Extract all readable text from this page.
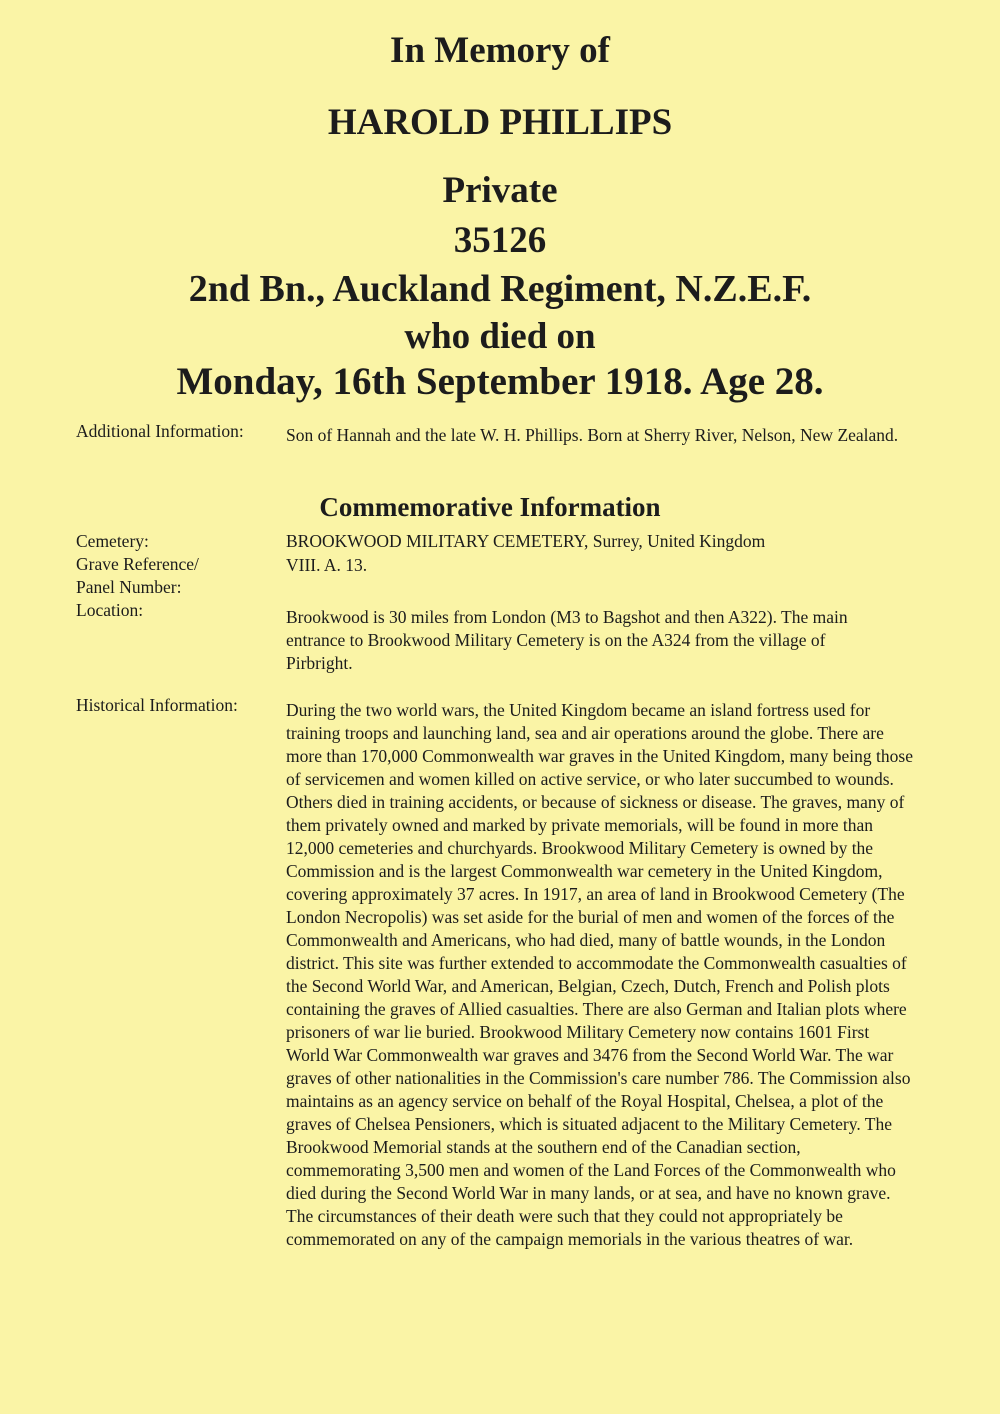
In Memory of
HAROLD PHILLIPS
Private
35126
2nd Bn., Auckland Regiment, N.Z.E.F.
who died on
Monday, 16th September 1918. Age 28.
Additional Information: Son of Hannah and the late W. H. Phillips. Born at Sherry River, Nelson, New Zealand.
Commemorative Information
Cemetery:	BROOKWOOD MILITARY CEMETERY, Surrey, United Kingdom
Grave Reference/
Panel Number:
VIII. A. 13.
Location:	Brookwood is 30 miles from London (M3 to Bagshot and then A322). The main entrance to Brookwood Military Cemetery is on the A324 from the village of Pirbright.
Historical Information:	During the two world wars, the United Kingdom became an island fortress used for training troops and launching land, sea and air operations around the globe. There are more than 170,000 Commonwealth war graves in the United Kingdom, many being those of servicemen and women killed on active service, or who later succumbed to wounds. Others died in training accidents, or because of sickness or disease. The graves, many of them privately owned and marked by private memorials, will be found in more than 12,000 cemeteries and churchyards. Brookwood Military Cemetery is owned by the Commission and is the largest Commonwealth war cemetery in the United Kingdom, covering approximately 37 acres. In 1917, an area of land in Brookwood Cemetery (The London Necropolis) was set aside for the burial of men and women of the forces of the Commonwealth and Americans, who had died, many of battle wounds, in the London district. This site was further extended to accommodate the Commonwealth casualties of the Second World War, and American, Belgian, Czech, Dutch, French and Polish plots containing the graves of Allied casualties. There are also German and Italian plots where prisoners of war lie buried. Brookwood Military Cemetery now contains 1601 First World War Commonwealth war graves and 3476 from the Second World War. The war graves of other nationalities in the Commission's care number 786. The Commission also maintains as an agency service on behalf of the Royal Hospital, Chelsea, a plot of the graves of Chelsea Pensioners, which is situated adjacent to the Military Cemetery. The Brookwood Memorial stands at the southern end of the Canadian section, commemorating 3,500 men and women of the Land Forces of the Commonwealth who died during the Second World War in many lands, or at sea, and have no known grave. The circumstances of their death were such that they could not appropriately be commemorated on any of the campaign memorials in the various theatres of war.
